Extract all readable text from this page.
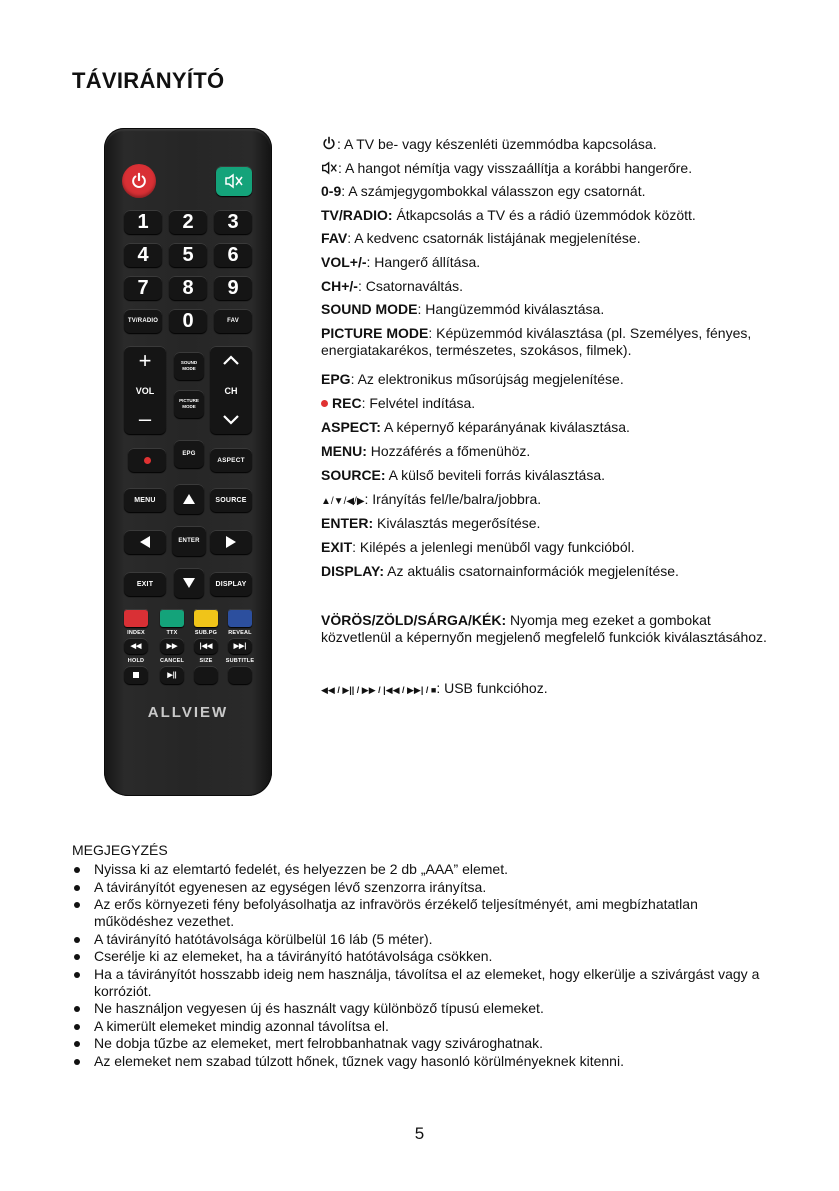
TÁVIRÁNYÍTÓ
1	2	3
4	5	6
7	8	9
TV/RADIO	0	FAV
+
VOL
–
SOUND
MODE
PICTURE
MODE
CH
EPG
ASPECT
MENU	SOURCE
ENTER
EXIT	DISPLAY
INDEX	TTX	SUB.PG	REVEAL
◀◀	▶▶	|◀◀	▶▶|
HOLD	CANCEL	SIZE	SUBTITLE
▶||
ALLVIEW
: A TV be- vagy készenléti üzemmódba kapcsolása.
: A hangot némítja vagy visszaállítja a korábbi hangerőre.
0-9: A számjegygombokkal válasszon egy csatornát.
TV/RADIO: Átkapcsolás a TV és a rádió üzemmódok között.
FAV: A kedvenc csatornák listájának megjelenítése.
VOL+/-: Hangerő állítása.
CH+/-: Csatornaváltás.
SOUND MODE: Hangüzemmód kiválasztása.
PICTURE MODE: Képüzemmód kiválasztása (pl. Személyes, fényes, energiatakarékos, természetes, szokásos, filmek).
EPG: Az elektronikus műsorújság megjelenítése.
REC: Felvétel indítása.
ASPECT: A képernyő képarányának kiválasztása.
MENU: Hozzáférés a főmenühöz.
SOURCE: A külső beviteli forrás kiválasztása.
▲/▼/◀/▶: Irányítás fel/le/balra/jobbra.
ENTER: Kiválasztás megerősítése.
EXIT: Kilépés a jelenlegi menüből vagy funkcióból.
DISPLAY: Az aktuális csatornainformációk megjelenítése.
VÖRÖS/ZÖLD/SÁRGA/KÉK: Nyomja meg ezeket a gombokat közvetlenül a képernyőn megjelenő megfelelő funkciók kiválasztásához.
◀◀ / ▶|| / ▶▶ / |◀◀ / ▶▶| / ■: USB funkcióhoz.
MEGJEGYZÉS
Nyissa ki az elemtartó fedelét, és helyezzen be 2 db „AAA” elemet.
A távirányítót egyenesen az egységen lévő szenzorra irányítsa.
Az erős környezeti fény befolyásolhatja az infravörös érzékelő teljesítményét, ami megbízhatatlan működéshez vezethet.
A távirányító hatótávolsága körülbelül 16 láb (5 méter).
Cserélje ki az elemeket, ha a távirányító hatótávolsága csökken.
Ha a távirányítót hosszabb ideig nem használja, távolítsa el az elemeket, hogy elkerülje a szivárgást vagy a korróziót.
Ne használjon vegyesen új és használt vagy különböző típusú elemeket.
A kimerült elemeket mindig azonnal távolítsa el.
Ne dobja tűzbe az elemeket, mert felrobbanhatnak vagy szivároghatnak.
Az elemeket nem szabad túlzott hőnek, tűznek vagy hasonló körülményeknek kitenni.
5
